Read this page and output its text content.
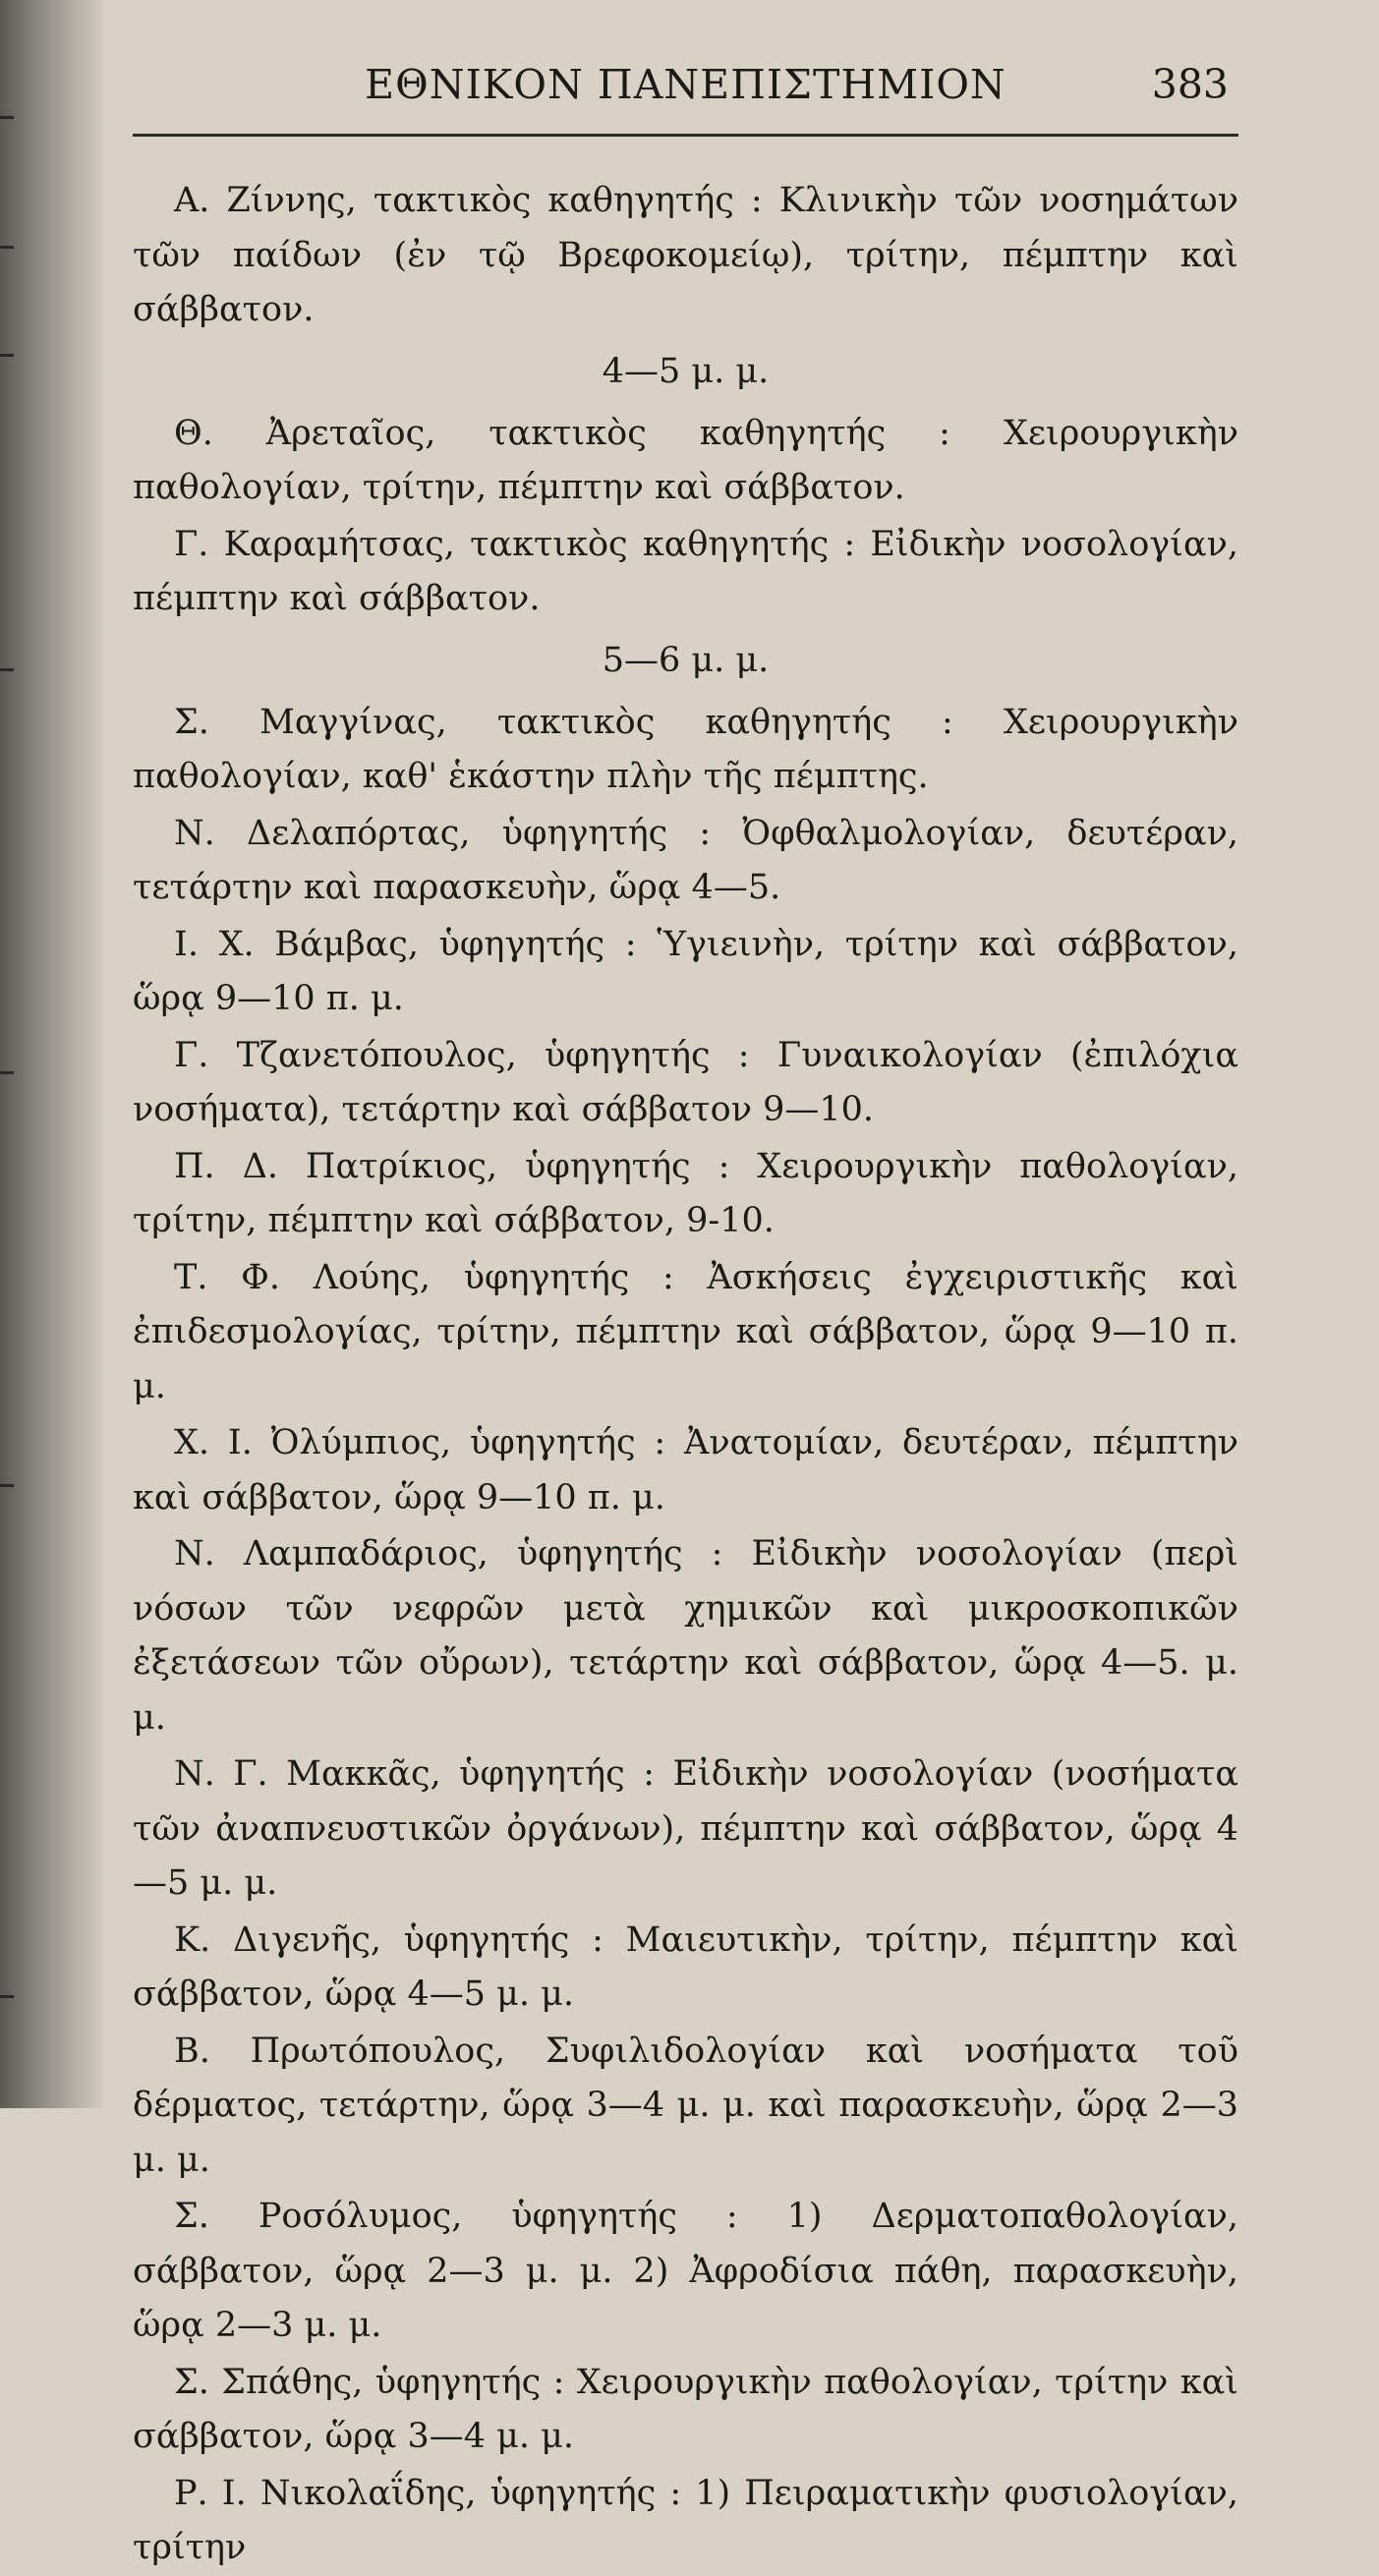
ΕΘΝΙΚΟΝ ΠΑΝΕΠΙΣΤΗΜΙΟΝ	383

Α. Ζίννης, τακτικὸς καθηγητής : Κλινικὴν τῶν νοσημάτων τῶν παίδων (ἐν τῷ Βρεφοκομείῳ), τρίτην, πέμπτην καὶ σάββατον.

4—5 μ. μ.

Θ. Ἀρεταῖος, τακτικὸς καθηγητής : Χειρουργικὴν παθολογίαν, τρίτην, πέμπτην καὶ σάββατον.

Γ. Καραμήτσας, τακτικὸς καθηγητής : Εἰδικὴν νοσολογίαν, πέμπτην καὶ σάββατον.

5—6 μ. μ.

Σ. Μαγγίνας, τακτικὸς καθηγητής : Χειρουργικὴν παθολογίαν, καθ' ἑκάστην πλὴν τῆς πέμπτης.

Ν. Δελαπόρτας, ὑφηγητής : Ὀφθαλμολογίαν, δευτέραν, τετάρτην καὶ παρασκευὴν, ὥρᾳ 4—5.

Ι. Χ. Βάμβας, ὑφηγητής : Ὑγιεινὴν, τρίτην καὶ σάββατον, ὥρᾳ 9—10 π. μ.

Γ. Τζανετόπουλος, ὑφηγητής : Γυναικολογίαν (ἐπιλόχια νοσήματα), τετάρτην καὶ σάββατον 9—10.

Π. Δ. Πατρίκιος, ὑφηγητής : Χειρουργικὴν παθολογίαν, τρίτην, πέμπτην καὶ σάββατον, 9-10.

Τ. Φ. Λούης, ὑφηγητής : Ἀσκήσεις ἐγχειριστικῆς καὶ ἐπιδεσμολογίας, τρίτην, πέμπτην καὶ σάββατον, ὥρᾳ 9—10 π. μ.

Χ. Ι. Ὀλύμπιος, ὑφηγητής : Ἀνατομίαν, δευτέραν, πέμπτην καὶ σάββατον, ὥρᾳ 9—10 π. μ.

Ν. Λαμπαδάριος, ὑφηγητής : Εἰδικὴν νοσολογίαν (περὶ νόσων τῶν νεφρῶν μετὰ χημικῶν καὶ μικροσκοπικῶν ἐξετάσεων τῶν οὔρων), τετάρτην καὶ σάββατον, ὥρᾳ 4—5. μ. μ.

Ν. Γ. Μακκᾶς, ὑφηγητής : Εἰδικὴν νοσολογίαν (νοσήματα τῶν ἀναπνευστικῶν ὀργάνων), πέμπτην καὶ σάββατον, ὥρᾳ 4—5 μ. μ.

Κ. Διγενῆς, ὑφηγητής : Μαιευτικὴν, τρίτην, πέμπτην καὶ σάββατον, ὥρᾳ 4—5 μ. μ.

Β. Πρωτόπουλος, Συφιλιδολογίαν καὶ νοσήματα τοῦ δέρματος, τετάρτην, ὥρᾳ 3—4 μ. μ. καὶ παρασκευὴν, ὥρᾳ 2—3 μ. μ.

Σ. Ροσόλυμος, ὑφηγητής : 1) Δερματοπαθολογίαν, σάββατον, ὥρᾳ 2—3 μ. μ. 2) Ἀφροδίσια πάθη, παρασκευὴν, ὥρᾳ 2—3 μ. μ.

Σ. Σπάθης, ὑφηγητής : Χειρουργικὴν παθολογίαν, τρίτην καὶ σάββατον, ὥρᾳ 3—4 μ. μ.

Ρ. Ι. Νικολαΐδης, ὑφηγητής : 1) Πειραματικὴν φυσιολογίαν, τρίτην
